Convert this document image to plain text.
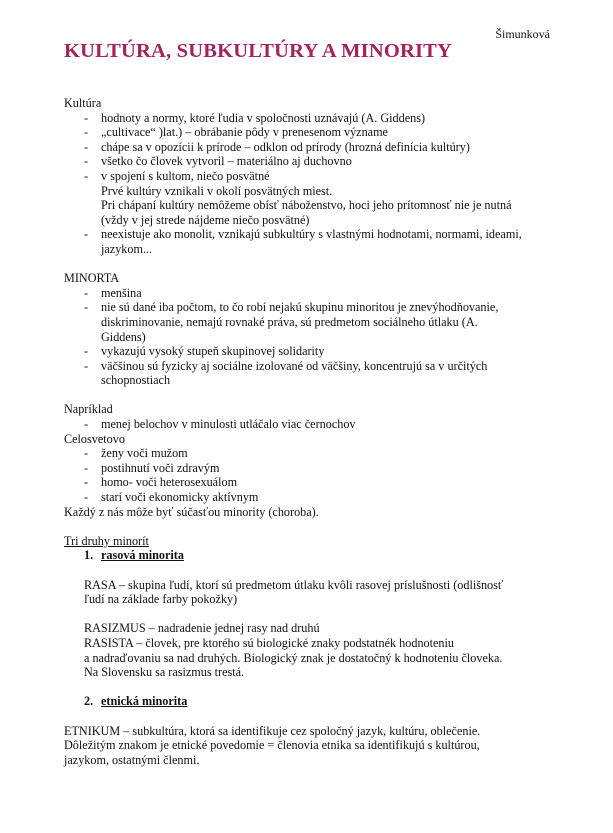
Šimunková
KULTÚRA, SUBKULTÚRY A MINORITY

Kultúra

- hodnoty a normy, ktoré ľudia v spoločnosti uznávajú (A. Giddens)
- „cultivace“ )lat.) – obrábanie pôdy v prenesenom význame
- chápe sa v opozícii k prírode – odklon od prírody (hrozná definícia kultúry)
- všetko čo človek vytvoril – materiálno aj duchovno
- v spojení s kultom, niečo posvätné

Prvé kultúry vznikali v okolí posvätných miest.

Pri chápaní kultúry nemôžeme obísť náboženstvo, hoci jeho prítomnosť nie je nutná

(vždy v jej strede nájdeme niečo posvätné)

- neexistuje ako monolit, vznikajú subkultúry s vlastnými hodnotami, normami, ideami,

jazykom...

MINORTA

- menšina
- nie sú dané iba počtom, to čo robí nejakú skupinu minoritou je znevýhodňovanie,

diskriminovanie, nemajú rovnaké práva, sú predmetom sociálneho útlaku (A.

Giddens)

- vykazujú vysoký stupeň skupinovej solidarity
- väčšinou sú fyzicky aj sociálne izolované od väčšiny, koncentrujú sa v určitých

schopnostiach

Napríklad

- menej belochov v minulosti utláčalo viac černochov

Celosvetovo

- ženy voči mužom
- postihnutí voči zdravým
- homo- voči heterosexuálom
- starí voči ekonomicky aktívnym

Každý z nás môže byť súčasťou minority (choroba).

Tri druhy minorít

1. rasová minorita

RASA – skupina ľudí, ktorí sú predmetom útlaku kvôli rasovej príslušnosti (odlišnosť

ľudí na základe farby pokožky)

RASIZMUS – nadradenie jednej rasy nad druhú

RASISTA – človek, pre ktorého sú biologické znaky podstatnék hodnoteniu

a nadraďovaniu sa nad druhých. Biologický znak je dostatočný k hodnoteniu človeka.

Na Slovensku sa rasizmus trestá.

2. etnická minorita

ETNIKUM – subkultúra, ktorá sa identifikuje cez spoločný jazyk, kultúru, oblečenie.

Dôležitým znakom je etnické povedomie = členovia etnika sa identifikujú s kultúrou,

jazykom, ostatnými členmi.
